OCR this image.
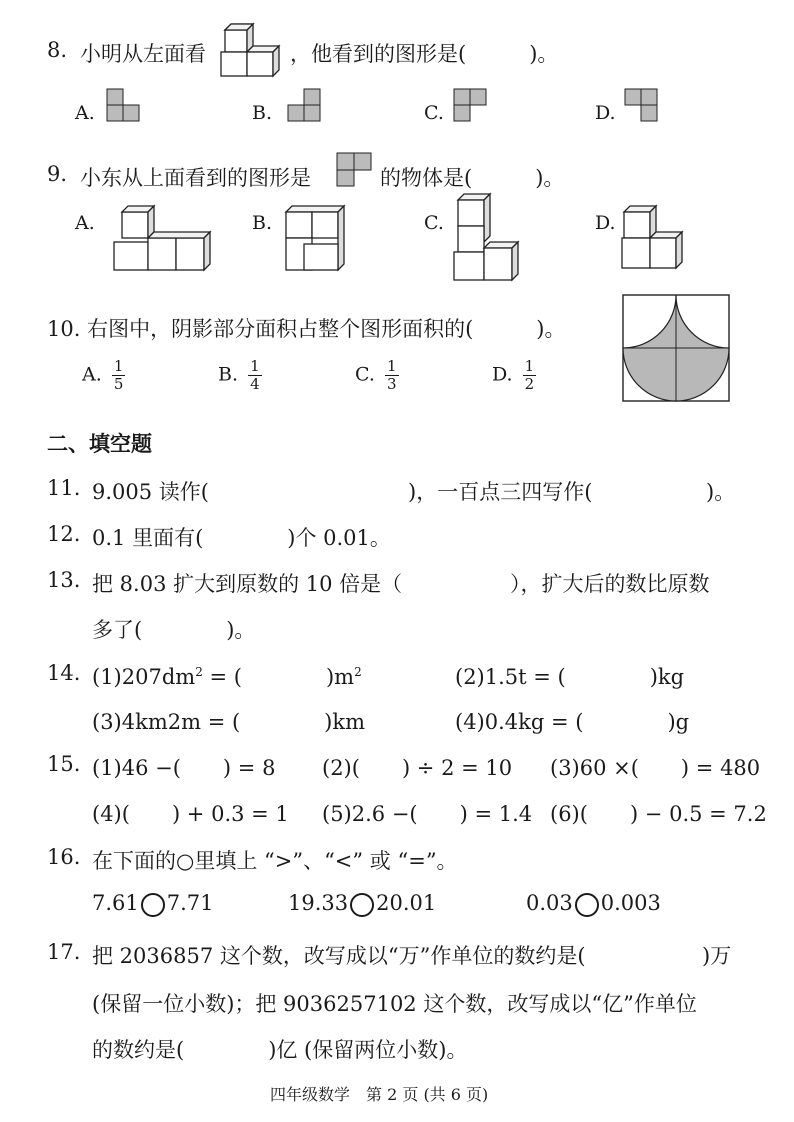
8. 小明从左面看	，他看到的图形是(　　　)。
A.	B.	C.	D.
9. 小东从上面看到的图形是	的物体是(　　　)。
A.	B.	C.	D.
10. 右图中，阴影部分面积占整个图形面积的(　　　)。
A. $\frac{1}{5}$	B. $\frac{1}{4}$	C. $\frac{1}{3}$	D. $\frac{1}{2}$
二、填空题
11. 9.005 读作(	)，一百点三四写作(	)。
12. 0.1 里面有(　　　　)个 0.01。
13. 把 8.03 扩大到原数的 10 倍是（	），扩大后的数比原数
多了(　　　　)。
14. $(1)207dm^2$ = (　　　　)$m^2$	(2)1.5t = (　　　　)kg
(3)4km2m = (　　　　)km	(4)0.4kg = (　　　　)g
15. (1)46 −(　　) = 8 (2)(　　) ÷ 2 = 10 (3)60 ×(　　) = 480
(4)(　　) + 0.3 = 1 (5)2.6 −(　　) = 1.4 (6)(　　) − 0.5 = 7.2
16. 在下面的○里填上 “>”、“<” 或 “=”。
7.61 7.71	19.33 20.01	0.03 0.003
17. 把 2036857 这个数，改写成以“万”作单位的数约是(	)万
(保留一位小数)；把 9036257102 这个数，改写成以“亿”作单位
的数约是(　　　　)亿 (保留两位小数)。
四年级数学　第 2 页 (共 6 页)
